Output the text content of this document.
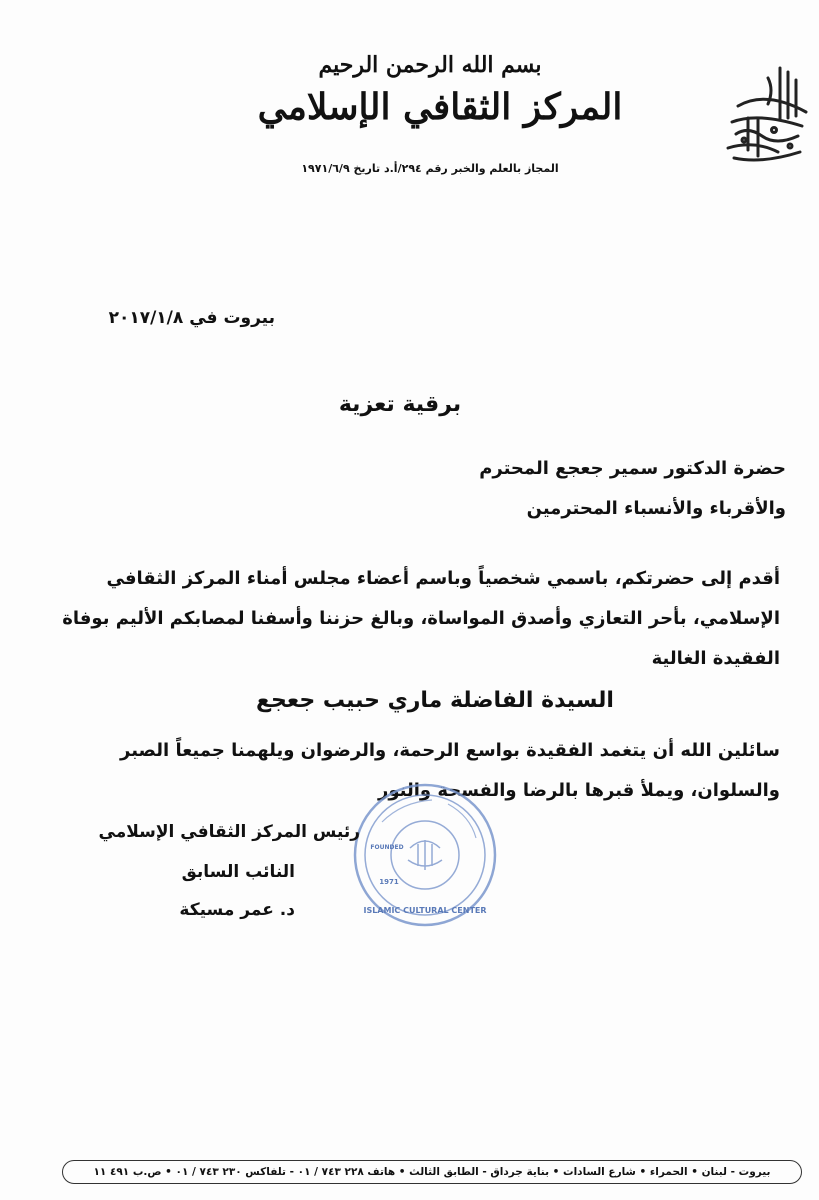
بسم الله الرحمن الرحيم
المركز الثقافي الإسلامي
المجاز بالعلم والخبر رقم ٢٩٤/أ.د تاريخ ١٩٧١/٦/٩
بيروت في ٢٠١٧/١/٨
برقية تعزية
حضرة الدكتور سمير جعجع المحترم
والأقرباء والأنسباء المحترمين
أقدم إلى حضرتكم، باسمي شخصياً وباسم أعضاء مجلس أمناء المركز الثقافي
الإسلامي، بأحر التعازي وأصدق المواساة، وبالغ حزننا وأسفنا لمصابكم الأليم بوفاة
الفقيدة الغالية
السيدة الفاضلة ماري حبيب جعجع
سائلين الله أن يتغمد الفقيدة بواسع الرحمة، والرضوان ويلهمنا جميعاً الصبر
والسلوان، ويملأ قبرها بالرضا والفسحة والنور
FOUNDED
1971
ISLAMIC CULTURAL CENTER
رئيس المركز الثقافي الإسلامي
النائب السابق
د. عمر مسيكة
بيروت - لبنان • الحمراء • شارع السادات • بناية جرداق - الطابق الثالث • هاتف ٢٢٨ ٧٤٣ / ٠١ - تلفاكس ٢٣٠ ٧٤٣ / ٠١ • ص.ب ٤٩١ ١١
